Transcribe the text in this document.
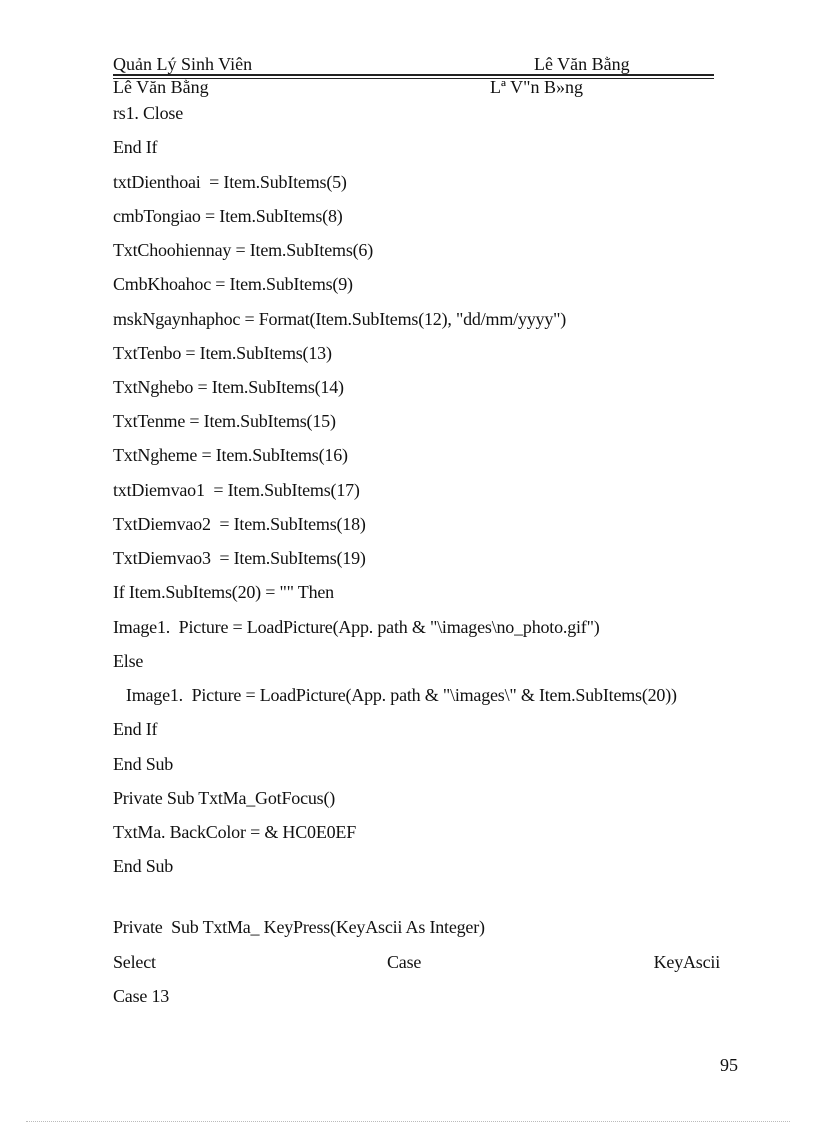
Quản Lý Sinh Viên	Lê Văn Bằng
Lê Văn Bằng	Lª V"n B»ng
rs1. Close
End If
txtDienthoai  = Item.SubItems(5)
cmbTongiao = Item.SubItems(8)
TxtChoohiennay = Item.SubItems(6)
CmbKhoahoc = Item.SubItems(9)
mskNgaynhaphoc = Format(Item.SubItems(12), "dd/mm/yyyy")
TxtTenbo = Item.SubItems(13)
TxtNghebo = Item.SubItems(14)
TxtTenme = Item.SubItems(15)
TxtNgheme = Item.SubItems(16)
txtDiemvao1  = Item.SubItems(17)
TxtDiemvao2  = Item.SubItems(18)
TxtDiemvao3  = Item.SubItems(19)
If Item.SubItems(20) = "" Then
Image1.  Picture = LoadPicture(App. path & "\images\no_photo.gif")
Else
Image1.  Picture = LoadPicture(App. path & "\images\" & Item.SubItems(20))
End If
End Sub
Private Sub TxtMa_GotFocus()
TxtMa. BackColor = & HC0E0EF
End Sub
Private  Sub TxtMa_ KeyPress(KeyAscii As Integer)

Select

	Case

	KeyAscii

Case 13
95
